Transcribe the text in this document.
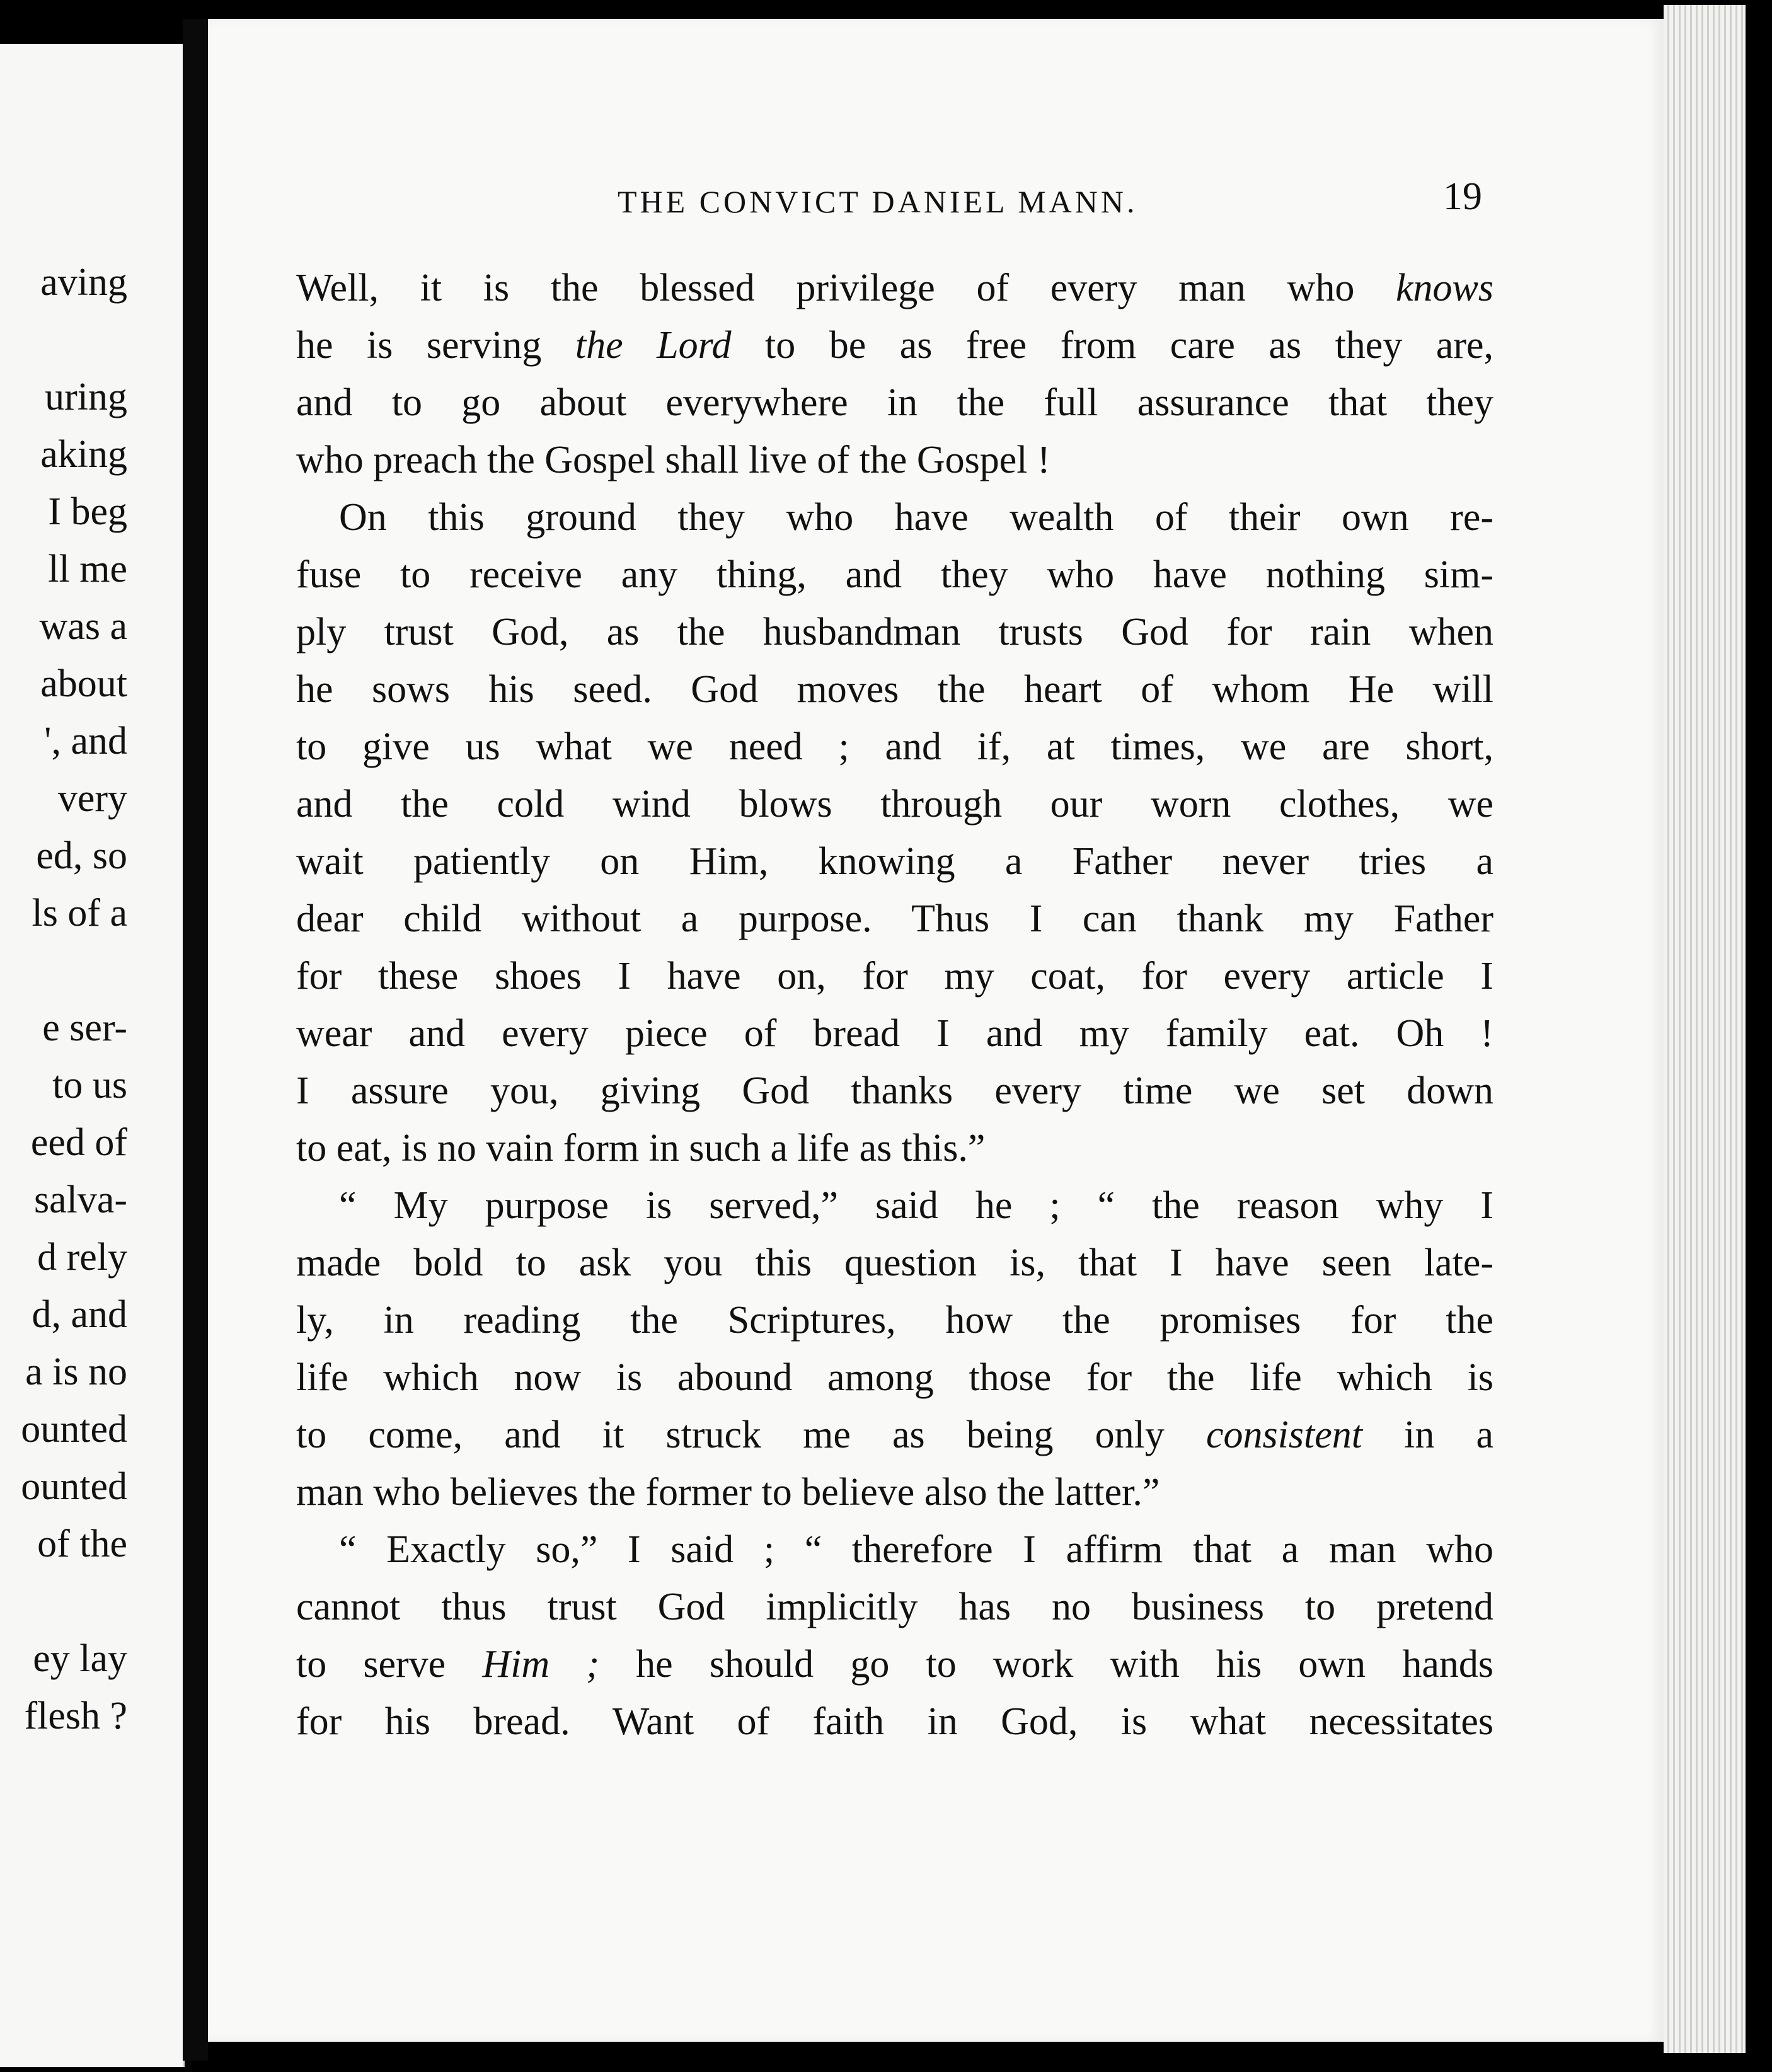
aving
uring
aking
I beg
ll me
was a
about
', and
very
ed, so
ls of a
e ser-
to us
eed of
salva-
d rely
d, and
a is no
ounted
ounted
of the
ey lay
flesh ?
THE CONVICT DANIEL MANN.	19
Well, it is the blessed privilege of every man who knows
he is serving the Lord to be as free from care as they are,
and to go about everywhere in the full assurance that they
who preach the Gospel shall live of the Gospel !
On this ground they who have wealth of their own re-
fuse to receive any thing, and they who have nothing sim-
ply trust God, as the husbandman trusts God for rain when
he sows his seed. God moves the heart of whom He will
to give us what we need ; and if, at times, we are short,
and the cold wind blows through our worn clothes, we
wait patiently on Him, knowing a Father never tries a
dear child without a purpose. Thus I can thank my Father
for these shoes I have on, for my coat, for every article I
wear and every piece of bread I and my family eat. Oh !
I assure you, giving God thanks every time we set down
to eat, is no vain form in such a life as this.”
“ My purpose is served,” said he ; “ the reason why I
made bold to ask you this question is, that I have seen late-
ly, in reading the Scriptures, how the promises for the
life which now is abound among those for the life which is
to come, and it struck me as being only consistent in a
man who believes the former to believe also the latter.”
“ Exactly so,” I said ; “ therefore I affirm that a man who
cannot thus trust God implicitly has no business to pretend
to serve Him ; he should go to work with his own hands
for his bread. Want of faith in God, is what necessitates
